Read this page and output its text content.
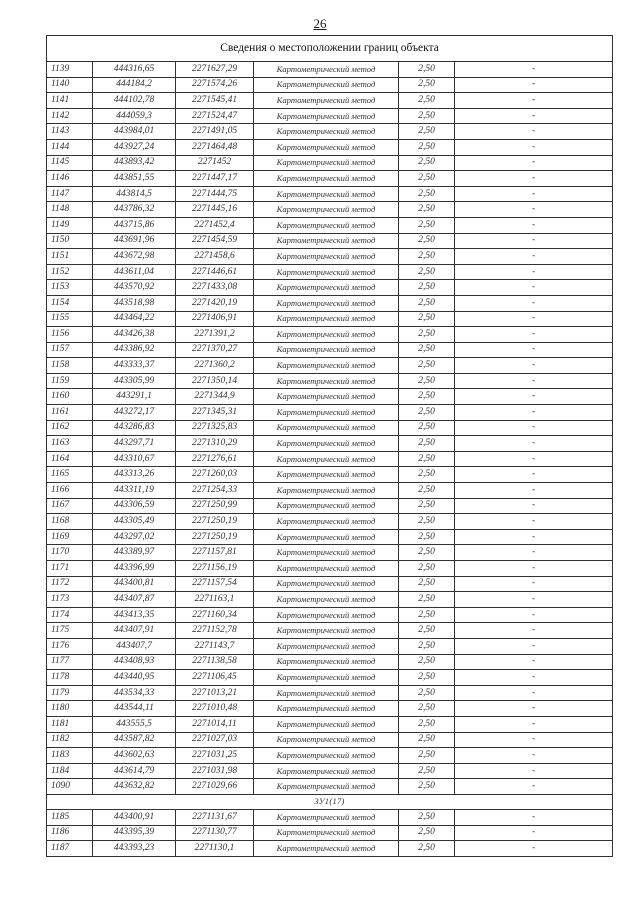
26
Сведения о местоположении границ объекта					
1139	444316,65	2271627,29	Картометрический метод	2,50	-
1140	444184,2	2271574,26	Картометрический метод	2,50	-
1141	444102,78	2271545,41	Картометрический метод	2,50	-
1142	444059,3	2271524,47	Картометрический метод	2,50	-
1143	443984,01	2271491,05	Картометрический метод	2,50	-
1144	443927,24	2271464,48	Картометрический метод	2,50	-
1145	443893,42	2271452	Картометрический метод	2,50	-
1146	443851,55	2271447,17	Картометрический метод	2,50	-
1147	443814,5	2271444,75	Картометрический метод	2,50	-
1148	443786,32	2271445,16	Картометрический метод	2,50	-
1149	443715,86	2271452,4	Картометрический метод	2,50	-
1150	443691,96	2271454,59	Картометрический метод	2,50	-
1151	443672,98	2271458,6	Картометрический метод	2,50	-
1152	443611,04	2271446,61	Картометрический метод	2,50	-
1153	443570,92	2271433,08	Картометрический метод	2,50	-
1154	443518,98	2271420,19	Картометрический метод	2,50	-
1155	443464,22	2271406,91	Картометрический метод	2,50	-
1156	443426,38	2271391,2	Картометрический метод	2,50	-
1157	443386,92	2271370,27	Картометрический метод	2,50	-
1158	443333,37	2271360,2	Картометрический метод	2,50	-
1159	443305,99	2271350,14	Картометрический метод	2,50	-
1160	443291,1	2271344,9	Картометрический метод	2,50	-
1161	443272,17	2271345,31	Картометрический метод	2,50	-
1162	443286,83	2271325,83	Картометрический метод	2,50	-
1163	443297,71	2271310,29	Картометрический метод	2,50	-
1164	443310,67	2271276,61	Картометрический метод	2,50	-
1165	443313,26	2271260,03	Картометрический метод	2,50	-
1166	443311,19	2271254,33	Картометрический метод	2,50	-
1167	443306,59	2271250,99	Картометрический метод	2,50	-
1168	443305,49	2271250,19	Картометрический метод	2,50	-
1169	443297,02	2271250,19	Картометрический метод	2,50	-
1170	443389,97	2271157,81	Картометрический метод	2,50	-
1171	443396,99	2271156,19	Картометрический метод	2,50	-
1172	443400,81	2271157,54	Картометрический метод	2,50	-
1173	443407,87	2271163,1	Картометрический метод	2,50	-
1174	443413,35	2271160,34	Картометрический метод	2,50	-
1175	443407,91	2271152,78	Картометрический метод	2,50	-
1176	443407,7	2271143,7	Картометрический метод	2,50	-
1177	443408,93	2271138,58	Картометрический метод	2,50	-
1178	443440,95	2271106,45	Картометрический метод	2,50	-
1179	443534,33	2271013,21	Картометрический метод	2,50	-
1180	443544,11	2271010,48	Картометрический метод	2,50	-
1181	443555,5	2271014,11	Картометрический метод	2,50	-
1182	443587,82	2271027,03	Картометрический метод	2,50	-
1183	443602,63	2271031,25	Картометрический метод	2,50	-
1184	443614,79	2271031,98	Картометрический метод	2,50	-
1090	443632,82	2271029,66	Картометрический метод	2,50	-
ЗУ1(17)					
1185	443400,91	2271131,67	Картометрический метод	2,50	-
1186	443395,39	2271130,77	Картометрический метод	2,50	-
1187	443393,23	2271130,1	Картометрический метод	2,50	-
